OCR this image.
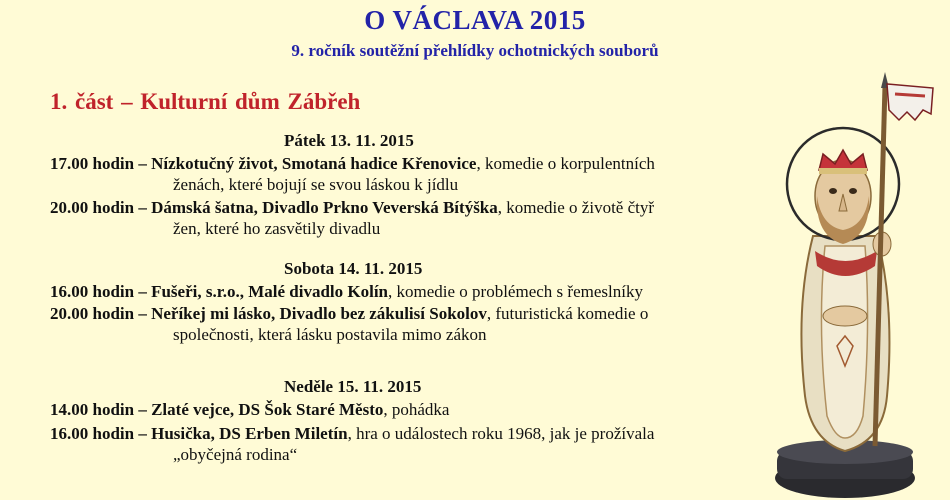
O VÁCLAVA 2015
9. ročník soutěžní přehlídky ochotnických souborů
1. část – Kulturní dům Zábřeh
Pátek 13. 11. 2015
17.00 hodin – Nízkotučný život, Smotaná hadice Křenovice, komedie o korpulentních
ženách, které bojují se svou láskou k jídlu
20.00 hodin – Dámská šatna, Divadlo Prkno Veverská Bítýška, komedie o životě čtyř
žen, které ho zasvětily divadlu
Sobota 14. 11. 2015
16.00 hodin – Fušeři, s.r.o., Malé divadlo Kolín, komedie o problémech s řemeslníky
20.00 hodin – Neříkej mi lásko, Divadlo bez zákulisí Sokolov, futuristická komedie o
společnosti, která lásku postavila mimo zákon
Neděle 15. 11. 2015
14.00 hodin – Zlaté vejce, DS Šok Staré Město, pohádka
16.00 hodin – Husička, DS Erben Miletín, hra o událostech roku 1968, jak je prožívala
„obyčejná rodina“
